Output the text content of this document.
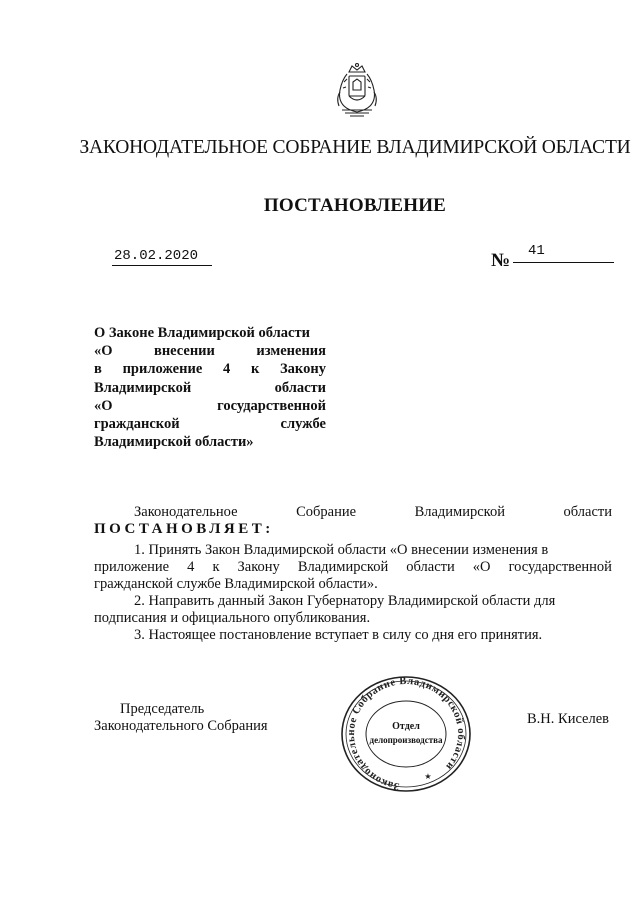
ЗАКОНОДАТЕЛЬНОЕ СОБРАНИЕ ВЛАДИМИРСКОЙ ОБЛАСТИ
ПОСТАНОВЛЕНИЕ
28.02.2020	№	41
О Законе Владимирской области
«О	внесении	изменения
в приложение 4 к Закону
Владимирской	области
«О	государственной
гражданской	службе
Владимирской области»
Законодательное	Собрание	Владимирской	области
ПОСТАНОВЛЯЕТ:
1. Принять Закон Владимирской области «О внесении изменения в
приложение 4 к Закону Владимирской области «О государственной
гражданской службе Владимирской области».
2. Направить данный Закон Губернатору Владимирской области для
подписания и официального опубликования.
3. Настоящее постановление вступает в силу со дня его принятия.
Председатель
Законодательного Собрания	В.Н. Киселев
Законодательное Собрание Владимирской области
Отдел
делопроизводства
★
